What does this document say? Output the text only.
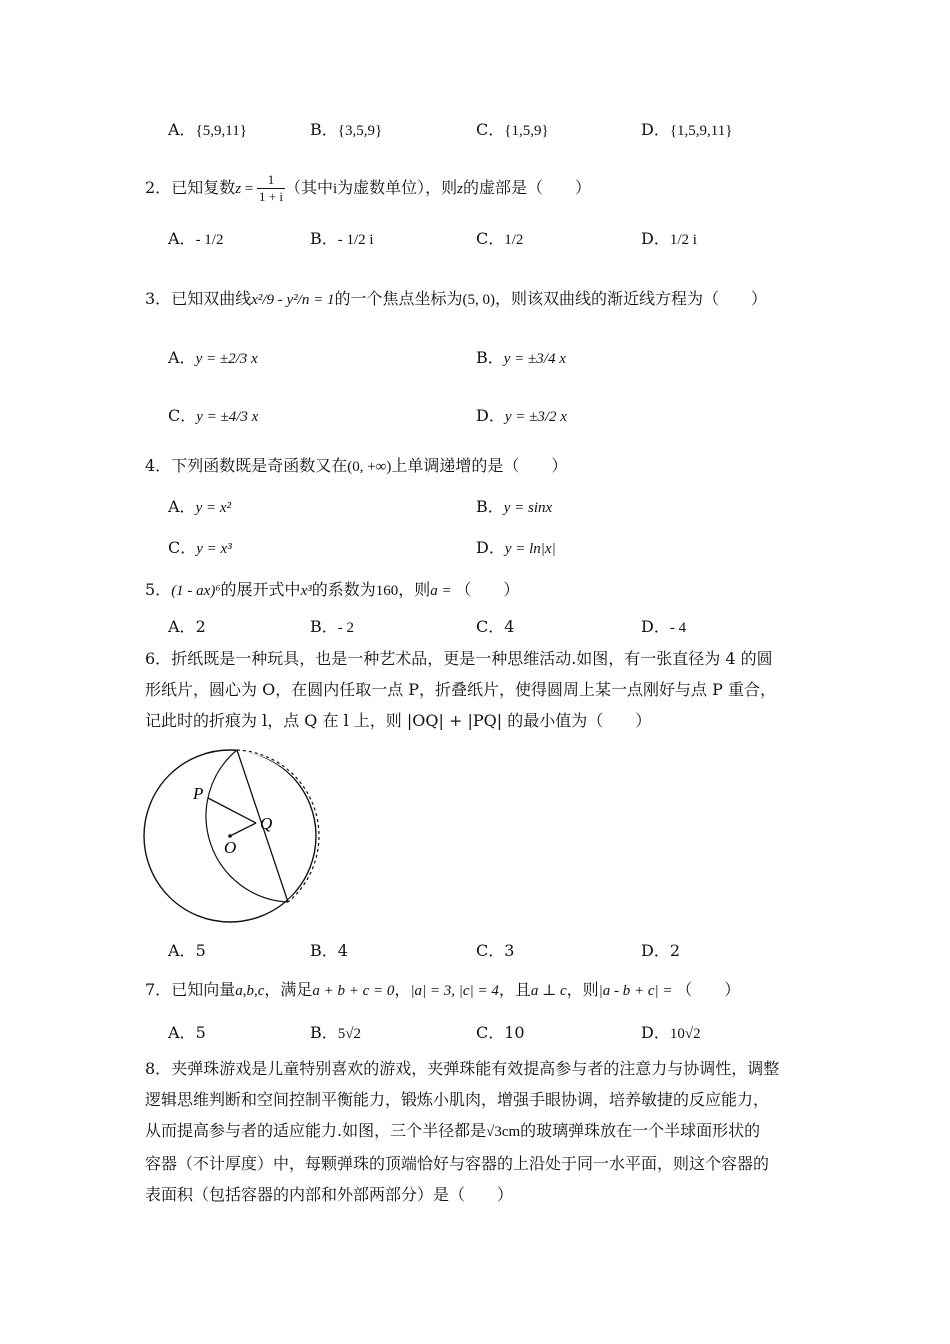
A．{5,9,11}	B．{3,5,9}	C．{1,5,9}	D．{1,5,9,11}
2．已知复数$z = \frac{1}{1 + i}$ （其中i为虚数单位），则z的虚部是（　　）
A．- 1/2	B．- 1/2 i	C．1/2	D．1/2 i
3．已知双曲线x²/9 - y²/n = 1的一个焦点坐标为(5, 0)，则该双曲线的渐近线方程为（　　）
A．y = ±2/3 x	B．y = ±3/4 x
C．y = ±4/3 x	D．y = ±3/2 x
4．下列函数既是奇函数又在(0, +∞)上单调递增的是（　　）
A．y = x²	B．y = sinx
C．y = x³	D．y = ln|x|
5．(1 - ax)⁶的展开式中x³的系数为160，则a = （　　）
A．2	B．- 2	C．4	D．- 4
6．折纸既是一种玩具，也是一种艺术品，更是一种思维活动.如图，有一张直径为 4 的圆
形纸片，圆心为 O，在圆内任取一点 P，折叠纸片，使得圆周上某一点刚好与点 P 重合，
记此时的折痕为 l，点 Q 在 l 上，则 |OQ| + |PQ| 的最小值为（　　）
P
Q
O
A．5	B．4	C．3	D．2
7．已知向量a,b,c，满足a + b + c = 0，|a| = 3, |c| = 4，且a ⊥ c，则|a - b + c| = （　　）
A．5	B．5√2	C．10	D．10√2
8．夹弹珠游戏是儿童特别喜欢的游戏，夹弹珠能有效提高参与者的注意力与协调性，调整
逻辑思维判断和空间控制平衡能力，锻炼小肌肉，增强手眼协调，培养敏捷的反应能力，
从而提高参与者的适应能力.如图，三个半径都是√3cm的玻璃弹珠放在一个半球面形状的
容器（不计厚度）中，每颗弹珠的顶端恰好与容器的上沿处于同一水平面，则这个容器的
表面积（包括容器的内部和外部两部分）是（　　）
